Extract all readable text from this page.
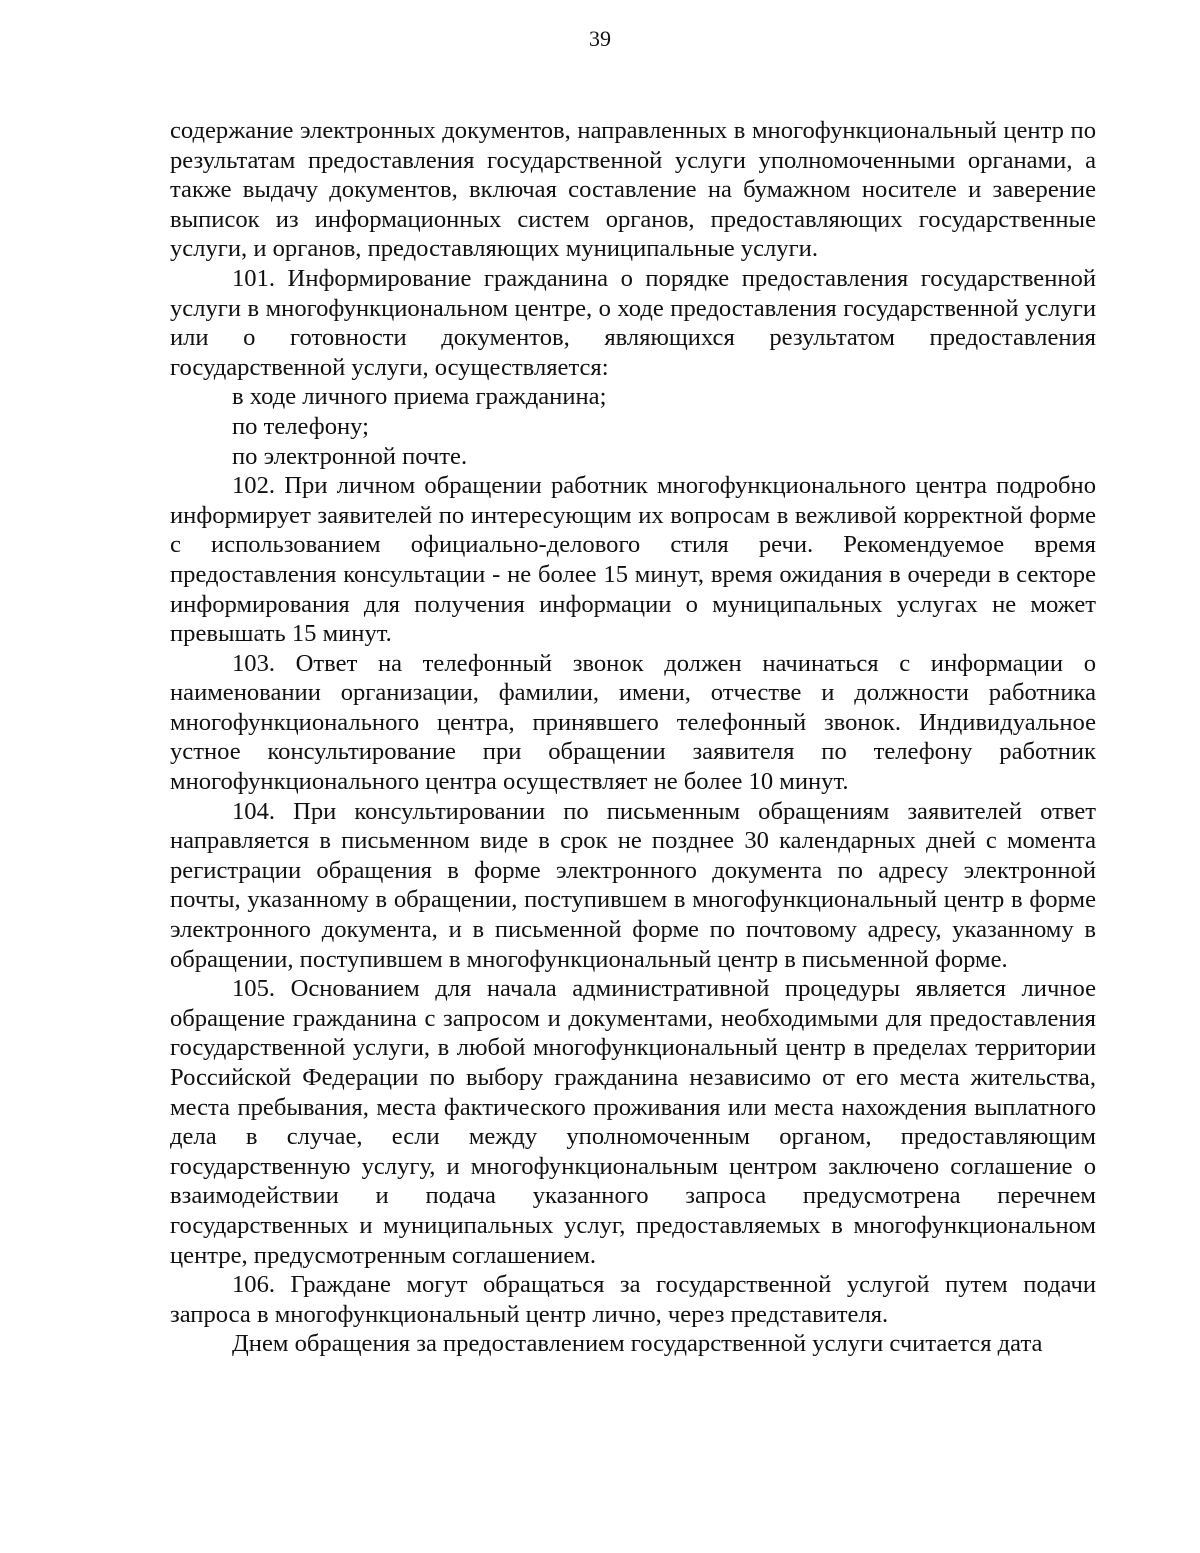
39

содержание электронных документов, направленных в многофункциональный центр по результатам предоставления государственной услуги уполномоченными органами, а также выдачу документов, включая составление на бумажном носителе и заверение выписок из информационных систем органов, предоставляющих государственные услуги, и органов, предоставляющих муниципальные услуги.

101. Информирование гражданина о порядке предоставления государственной услуги в многофункциональном центре, о ходе предоставления государственной услуги или о готовности документов, являющихся результатом предоставления государственной услуги, осуществляется:

в ходе личного приема гражданина;

по телефону;

по электронной почте.

102. При личном обращении работник многофункционального центра подробно информирует заявителей по интересующим их вопросам в вежливой корректной форме с использованием официально-делового стиля речи. Рекомендуемое время предоставления консультации - не более 15 минут, время ожидания в очереди в секторе информирования для получения информации о муниципальных услугах не может превышать 15 минут.

103. Ответ на телефонный звонок должен начинаться с информации о наименовании организации, фамилии, имени, отчестве и должности работника многофункционального центра, принявшего телефонный звонок. Индивидуальное устное консультирование при обращении заявителя по телефону работник многофункционального центра осуществляет не более 10 минут.

104. При консультировании по письменным обращениям заявителей ответ направляется в письменном виде в срок не позднее 30 календарных дней с момента регистрации обращения в форме электронного документа по адресу электронной почты, указанному в обращении, поступившем в многофункциональный центр в форме электронного документа, и в письменной форме по почтовому адресу, указанному в обращении, поступившем в многофункциональный центр в письменной форме.

105. Основанием для начала административной процедуры является личное обращение гражданина с запросом и документами, необходимыми для предоставления государственной услуги, в любой многофункциональный центр в пределах территории Российской Федерации по выбору гражданина независимо от его места жительства, места пребывания, места фактического проживания или места нахождения выплатного дела в случае, если между уполномоченным органом, предоставляющим государственную услугу, и многофункциональным центром заключено соглашение о взаимодействии и подача указанного запроса предусмотрена перечнем государственных и муниципальных услуг, предоставляемых в многофункциональном центре, предусмотренным соглашением.

106. Граждане могут обращаться за государственной услугой путем подачи запроса в многофункциональный центр лично, через представителя.

Днем обращения за предоставлением государственной услуги считается дата
